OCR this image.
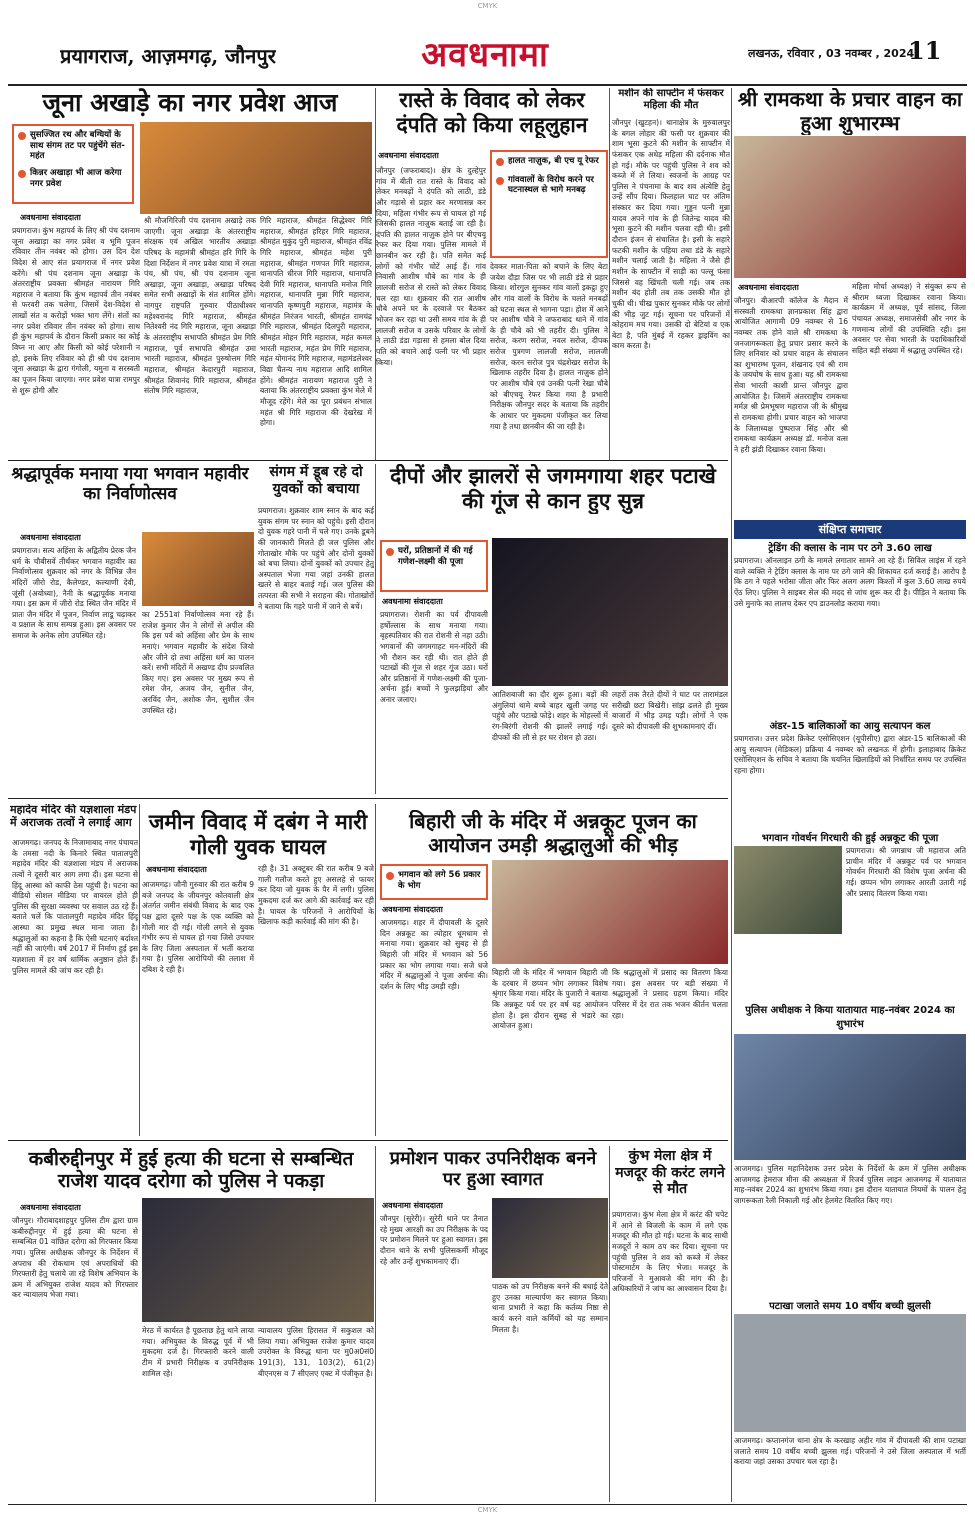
CMYK
प्रयागराज, आज़मगढ़, जौनपुर	अवधनामा	लखनऊ, रविवार , 03 नवम्बर , 2024
11
जूना अखाड़े का नगर प्रवेश आज
सुसज्जित रथ और बग्घियों के साथ संगम तट पर पहुंचेंगे संत-महंत
किन्नर अखाड़ा भी आज करेगा नगर प्रवेश
अवधनामा संवाददाता
प्रयागराज। कुंभ महापर्व के लिए श्री पंच दशनाम जूना अखाड़ा का नगर प्रवेश व भूमि पूजन रविवार तीन नवंबर को होगा। उस दिन देश विदेश से आए संत प्रयागराज में नगर प्रवेश करेंगे। श्री पंच दशनाम जूना अखाड़ा के अंतरराष्ट्रीय प्रवक्ता श्रीमहंत नारायण गिरि महाराज ने बताया कि कुंभ महापर्व तीन नवंबर से फरवरी तक चलेगा, जिसमें देश-विदेश से लाखों संत व करोड़ों भक्त भाग लेंगे। संतों का नगर प्रवेश रविवार तीन नवंबर को होगा। साथ ही कुंभ महापर्व के दौरान किसी प्रकार का कोई विघ्न ना आए और किसी को कोई परेशानी न हो, इसके लिए रविवार को ही श्री पंच दशनाम जूना अखाड़ा के द्वारा गंगोली, यमुना व सरस्वती का पूजन किया जाएगा। नगर प्रवेश यात्रा रामपुर से शुरू होगी और
श्री मौजगिरिजी पंच दशनाम अखाड़े तक जाएगी। जूना अखाड़ा के अंतरराष्ट्रीय संरक्षक एवं अखिल भारतीय अखाड़ा परिषद के महामंत्री श्रीमहंत हरि गिरि के दिशा निर्देशन में नगर प्रवेश यात्रा में रमता पंच, श्री पंच, श्री पंच दशनाम जूना अखाड़ा, जूना अखाड़ा, अखाड़ा परिषद समेत सभी अखाड़ों के संत शामिल होंगे। नागपुर राष्ट्रपति गुरुवार पीठाधीश्वर महेश्वरानंद गिरि महाराज, श्रीमहंत नितेश्वरी नंद गिरि महाराज, जूना अखाड़ा के अंतरराष्ट्रीय सभापति श्रीमहंत प्रेम गिरि महाराज, पूर्व सभापति श्रीमहंत उमा भारती महाराज, श्रीमहंत पुरुषोत्तम गिरि महाराज, श्रीमहंत केदारपुरी महाराज, श्रीमहंत शिवानंद गिरि महाराज, श्रीमहंत संतोष गिरि महाराज,
गिरि महाराज, श्रीमहंत सिद्धेश्वर गिरि महाराज, श्रीमहंत हरिहर गिरि महाराज, श्रीमहंत मुकुंद पुरी महाराज, श्रीमहंत रविंद्र गिरि महाराज, श्रीमहंत महेश पुरी महाराज, श्रीमहंत गणपत गिरि महाराज, थानापति धीरज गिरि महाराज, थानापति देवी गिरि महाराज, थानापति मनोज गिरि महाराज, थानापति मुन्ना गिरि महाराज, थानापति कृष्णपुरी महाराज, महामंत्र के श्रीमहंत निरंजन भारती, श्रीमहंत रामचंद्र गिरि महाराज, श्रीमहंत दिलपुरी महाराज, श्रीमहंत मोहन गिरि महाराज, महंत कमल भारती महाराज, महंत प्रेम गिरि महाराज, महंत योगानंद गिरि महाराज, महामंडलेश्वर विद्या चैतन्य नाथ महाराज आदि शामिल होंगे। श्रीमहंत नारायण महाराज पुरी ने बताया कि अंतरराष्ट्रीय प्रवक्ता कुंभ मेले में मौजूद रहेंगे। मेले का पूरा प्रबंधन संभाल महंत श्री गिरि महाराज की देखरेख में होगा।
रास्ते के विवाद को लेकर दंपति को किया लहूलुहान
अवधनामा संवाददाता
हालत नाज़ुक, बी एच यू रेफर
गांववालों के विरोध करने पर घटनास्थल से भागे मनबढ़
जौनपुर (जफराबाद)। क्षेत्र के दुल्हेपुर गांव में बीती रात रास्ते के विवाद को लेकर मनबढ़ों ने दंपति को लाठी, डंडे और गड़ासे से प्रहार कर मरणासन्न कर दिया, महिला गंभीर रूप से घायल हो गई जिसकी हालत नाज़ुक बताई जा रही है। दंपति की हालत नाज़ुक होने पर बीएचयू रेफर कर दिया गया। पुलिस मामले में छानबीन कर रही है। पति समेत कई लोगों को गंभीर चोटें आई हैं। गांव निवासी आशीष चौबे का गांव के ही लालजी सरोज से रास्ते को लेकर विवाद चल रहा था। शुक्रवार की रात आशीष चौबे अपने घर के दरवाजे पर बैठकर भोजन कर रहा था उसी समय गांव के ही लालजी सरोज व उसके परिवार के लोगों ने लाठी डंडा गड़ासा से हमला बोल दिया पति को बचाने आई पत्नी पर भी प्रहार किया।
देवकर माता-पिता को बचाने के लिए बेटा जयेश दौड़ा जिस पर भी लाठी डंडे से प्रहार किया। शोरगुल सुनकर गांव वालों इकट्ठा हुए और गांव वालों के विरोध के चलते मनबढ़ों को घटना स्थल से भागना पड़ा। होश में आने पर आशीष चौबे ने जफराबाद थाने में गांव के ही चौबे को भी तहरीर दी। पुलिस ने सरोज, करण सरोज, नवल सरोज, दीपक सरोज पुत्रगण लालजी सरोज, लालजी सरोज, करन सरोज पुत्र चंद्रशेखर सरोज के खिलाफ तहरीर दिया है। हालत नाज़ुक होने पर आशीष चौबे एवं उनकी पत्नी रेखा चौबे को बीएचयू रेफर किया गया है प्रभारी निरीक्षक जौनपुर सदर के बताया कि तहरीर के आधार पर मुकदमा पंजीकृत कर लिया गया है तथा छानबीन की जा रही है।
मशीन की साफ्टीन में फंसकर महिला की मौत
जौनपुर (खुटहन)। थानाक्षेत्र के मुरुवालपुर के बगल लोहार की फसी पर शुक्रवार की शाम भूसा कुटने की मशीन के साफ्टीन में फंसकर एक अधेड़ महिला की दर्दनाक मौत हो गई। मौके पर पहुंची पुलिस ने शव को कब्जे में ले लिया। स्वजनों के आग्रह पर पुलिस ने पंचनामा के बाद शव अंत्येष्टि हेतु उन्हें सौंप दिया। फिलहाल घाट पर अंतिम संस्कार कर दिया गया। गुड्डन पत्नी मुन्ना यादव अपने गांव के ही जितेन्द्र यादव की भूसा कुटने की मशीन चलवा रही थी। इसी दौरान इंजन से संचालित है। इसी के सहारे फटकी मशीन के पहिया तथा डंडे के सहारे मशीन चलाई जाती है। महिला ने जैसे ही मशीन के साफ्टीन में साड़ी का पल्लू फंसा जिससे वह खिंचती चली गई। जब तक मशीन बंद होती तब तक उसकी मौत हो चुकी थी। चीख पुकार सुनकर मौके पर लोगों की भीड़ जुट गई। सूचना पर परिजनों में कोहराम मच गया। उसकी दो बेटियां व एक बेटा है, पति मुंबई में रहकर ड्राइविंग का काम करता है।
श्री रामकथा के प्रचार वाहन का हुआ शुभारम्भ
अवधनामा संवाददाता
जौनपुर। बीआरपी कॉलेज के मैदान में सरस्वती रामकथा ज्ञानप्रकाश सिंह द्वारा आयोजित आगामी 09 नवम्बर से 16 नवम्बर तक होने वाले श्री रामकथा के जनजागरूकता हेतु प्रचार प्रसार करने के लिए शनिवार को प्रचार वाहन के संचालन का शुभारम्भ पूजन, शंखनाद एवं श्री राम के जयघोष के साथ हुआ। यह श्री रामकथा सेवा भारती काशी प्रान्त जौनपुर द्वारा आयोजित है। जिसमें अंतरराष्ट्रीय रामकथा मर्मज्ञ श्री प्रेमभूषण महाराज जी के श्रीमुख से रामकथा होगी। प्रचार वाहन को भाजपा के जिलाध्यक्ष पुष्पराज सिंह और श्री रामकथा कार्यक्रम अध्यक्ष डॉ. मनोज वत्स ने हरी झंडी दिखाकर रवाना किया।
महिला मोर्चा अध्यक्ष) ने संयुक्त रूप से श्रीराम ध्वजा दिखाकर रवाना किया। कार्यक्रम में अध्यक्ष, पूर्व सांसद, जिला पंचायत अध्यक्ष, समाजसेवी और नगर के गणमान्य लोगों की उपस्थिति रही। इस अवसर पर सेवा भारती के पदाधिकारियों सहित बड़ी संख्या में श्रद्धालु उपस्थित रहे।
श्रद्धापूर्वक मनाया गया भगवान महावीर का निर्वाणोत्सव
अवधनामा संवाददाता
प्रयागराज। सत्य अहिंसा के अद्वितीय प्रेरक जैन धर्म के चौबीसवें तीर्थंकर भगवान महावीर का निर्वाणोत्सव शुक्रवार को नगर के विभिन्न जैन मंदिरों जीरो रोड, कैलेण्डर, कल्याणी देवी, जूंसी (अयोध्या), नैनी के श्रद्धापूर्वक मनाया गया। इस क्रम में जीरो रोड स्थित जैन मंदिर में प्रातः जैन मंदिर में पूजन, निर्वाण लाडू चढ़ाकर व प्रक्षाल के साथ सम्पन्न हुआ। इस अवसर पर समाज के अनेक लोग उपस्थित रहे।
का 2551वां निर्वाणोत्सव मना रहे हैं। राजेश कुमार जैन ने लोगों से अपील की कि इस पर्व को अहिंसा और प्रेम के साथ मनाएं। भगवान महावीर के संदेश जियो और जीने दो तथा अहिंसा धर्म का पालन करें। सभी मंदिरों में अखण्ड दीप प्रज्वलित किए गए। इस अवसर पर मुख्य रूप से रमेश जैन, अजय जैन, सुनील जैन, अरविंद जैन, अशोक जैन, सुशील जैन उपस्थित रहे।
संगम में डूब रहे दो युवकों को बचाया
प्रयागराज। शुक्रवार शाम स्नान के बाद कई युवक संगम पर स्नान को पहुंचे। इसी दौरान दो युवक गहरे पानी में चले गए। उनके डूबने की जानकारी मिलते ही जल पुलिस और गोताखोर मौके पर पहुंचे और दोनों युवकों को बचा लिया। दोनों युवकों को उपचार हेतु अस्पताल भेजा गया जहां उनकी हालत खतरे से बाहर बताई गई। जल पुलिस की तत्परता की सभी ने सराहना की। गोताखोरों ने बताया कि गहरे पानी में जाने से बचें।
दीपों और झालरों से जगमगाया शहर पटाखे की गूंज से कान हुए सुन्न
घरों, प्रतिष्ठानों में की गई गणेश-लक्ष्मी की पूजा
अवधनामा संवाददाता
प्रयागराज। रोशनी का पर्व दीपावली हर्षोल्लास के साथ मनाया गया। बृहस्पतिवार की रात रोशनी से नहा उठी। भगवानों की जगमगाहट मन-मंदिरों की भी रौशन कर रही थी। रात होते ही पटाखों की गूंज से शहर गूंज उठा। घरों और प्रतिष्ठानों में गणेश-लक्ष्मी की पूजा-अर्चना हुई। बच्चों ने फुलझड़ियां और अनार जलाए।
आतिशबाजी का दौर शुरू हुआ। बड़ों की अंगुलियां थामे बच्चे बाहर खुली जगह पर पहुंचे और पटाखे फोड़े। शहर के मोहल्लों में रंग-बिरंगी रोशनी की झालरें लगाई गईं। दीपकों की लौ से हर घर रोशन हो उठा।
लहरों तक तैरते दीयों ने घाट पर तारामंडल सरीखी छटा बिखेरी। सांझ ढलते ही मुख्य बाजारों में भीड़ उमड़ पड़ी। लोगों ने एक दूसरे को दीपावली की शुभकामनाएं दीं।
संक्षिप्त समाचार
ट्रेडिंग की क्लास के नाम पर ठगे 3.60 लाख
प्रयागराज। ऑनलाइन ठगी के मामले लगातार सामने आ रहे हैं। सिविल लाइंस में रहने वाले व्यक्ति ने ट्रेडिंग क्लास के नाम पर ठगे जाने की शिकायत दर्ज कराई है। आरोप है कि ठग ने पहले भरोसा जीता और फिर अलग अलग किश्तों में कुल 3.60 लाख रुपये ऐंठ लिए। पुलिस ने साइबर सेल की मदद से जांच शुरू कर दी है। पीड़ित ने बताया कि उसे मुनाफे का लालच देकर एप डाउनलोड कराया गया।
अंडर-15 बालिकाओं का आयु सत्यापन कल
प्रयागराज। उत्तर प्रदेश क्रिकेट एसोसिएशन (यूपीसीए) द्वारा अंडर-15 बालिकाओं की आयु सत्यापन (मेडिकल) प्रक्रिया 4 नवम्बर को लखनऊ में होगी। इलाहाबाद क्रिकेट एसोसिएशन के सचिव ने बताया कि चयनित खिलाड़ियों को निर्धारित समय पर उपस्थित रहना होगा।
भगवान गोवर्धन गिरधारी की हुई अन्नकूट की पूजा
प्रयागराज। श्री जगन्नाथ जी महाराज अति प्राचीन मंदिर में अन्नकूट पर्व पर भगवान गोवर्धन गिरधारी की विशेष पूजा अर्चना की गई। छप्पन भोग लगाकर आरती उतारी गई और प्रसाद वितरण किया गया।
पुलिस अधीक्षक ने किया यातायात माह-नवंबर 2024 का शुभारंभ
आजमगढ़। पुलिस महानिदेशक उत्तर प्रदेश के निर्देशों के क्रम में पुलिस अधीक्षक आजमगढ़ हेमराज मीना की अध्यक्षता में रिजर्व पुलिस लाइन आजमगढ़ में यातायात माह-नवंबर 2024 का शुभारंभ किया गया। इस दौरान यातायात नियमों के पालन हेतु जागरूकता रैली निकाली गई और हेलमेट वितरित किए गए।
पटाखा जलाते समय 10 वर्षीय बच्ची झुलसी
आजमगढ़। कप्तानगंज थाना क्षेत्र के करखाह अहीर गांव में दीपावली की शाम पटाखा जलाते समय 10 वर्षीय बच्ची झुलस गई। परिजनों ने उसे जिला अस्पताल में भर्ती कराया जहां उसका उपचार चल रहा है।
महादेव मंदिर की यज्ञशाला मंडप में अराजक तत्वों ने लगाई आग
आजमगढ़। जनपद के निजामाबाद नगर पंचायत के तमसा नदी के किनारे स्थित पातालपुरी महादेव मंदिर की यज्ञशाला मंडप में अराजक तत्वों ने दूसरी बार आग लगा दी। इस घटना से हिंदू आस्था को काफी ठेस पहुंची है। घटना का वीडियो सोशल मीडिया पर वायरल होते ही पुलिस की सुरक्षा व्यवस्था पर सवाल उठ रहे हैं। बताते चलें कि पातालपुरी महादेव मंदिर हिंदू आस्था का प्रमुख स्थल माना जाता है। श्रद्धालुओं का कहना है कि ऐसी घटनाएं बर्दाश्त नहीं की जाएंगी। वर्ष 2017 में निर्माण हुई इस यज्ञशाला में हर वर्ष धार्मिक अनुष्ठान होते हैं। पुलिस मामले की जांच कर रही है।
जमीन विवाद में दबंग ने मारी गोली युवक घायल
अवधनामा संवाददाता
आजमगढ़। जौनी गुरुवार की रात करीब 9 बजे जनपद के जीयनपुर कोतवाली क्षेत्र अंतर्गत जमीन संबंधी विवाद के बाद एक पक्ष द्वारा दूसरे पक्ष के एक व्यक्ति को गोली मार दी गई। गोली लगने से युवक गंभीर रूप से घायल हो गया जिसे उपचार के लिए जिला अस्पताल में भर्ती कराया गया है। पुलिस आरोपियों की तलाश में दबिश दे रही है।
रही है। 31 अक्टूबर की रात करीब 9 बजे गाली गलौज करते हुए असलहे से फायर कर दिया जो युवक के पैर में लगी। पुलिस मुकदमा दर्ज कर आगे की कार्रवाई कर रही है। घायल के परिजनों ने आरोपियों के खिलाफ कड़ी कार्रवाई की मांग की है।
बिहारी जी के मंदिर में अन्नकूट पूजन का आयोजन उमड़ी श्रद्धालुओं की भीड़
भगवान को लगे 56 प्रकार के भोग
अवधनामा संवाददाता
आजमगढ़। शहर में दीपावली के दूसरे दिन अन्नकूट का त्योहार धूमधाम से मनाया गया। शुक्रवार को सुबह से ही बिहारी जी मंदिर में भगवान को 56 प्रकार का भोग लगाया गया। सजे धजे मंदिर में श्रद्धालुओं ने पूजा अर्चना की। दर्शन के लिए भीड़ उमड़ी रही।
बिहारी जी के मंदिर में भगवान बिहारी जी के दरबार में छप्पन भोग लगाकर विशेष श्रृंगार किया गया। मंदिर के पुजारी ने बताया कि अन्नकूट पर्व पर हर वर्ष यह आयोजन होता है। इस दौरान सुबह से भंडारे का आयोजन हुआ।
कि श्रद्धालुओं में प्रसाद का वितरण किया गया। इस अवसर पर बड़ी संख्या में श्रद्धालुओं ने प्रसाद ग्रहण किया। मंदिर परिसर में देर रात तक भजन कीर्तन चलता रहा।
कबीरुद्दीनपुर में हुई हत्या की घटना से सम्बन्धित राजेश यादव दरोगा को पुलिस ने पकड़ा
अवधनामा संवाददाता
जौनपुर। गौराबादशाहपुर पुलिस टीम द्वारा ग्राम कबीरुद्दीनपुर में हुई हत्या की घटना से सम्बन्धित 01 वांछित दरोगा को गिरफ्तार किया गया। पुलिस अधीक्षक जौनपुर के निर्देशन में अपराध की रोकथाम एवं अपराधियों की गिरफ्तारी हेतु चलाये जा रहे विशेष अभियान के क्रम में अभियुक्त राजेश यादव को गिरफ्तार कर न्यायालय भेजा गया।
मेरठ में कार्यरत है पूछताछ हेतु थाने लाया गया। अभियुक्त के विरुद्ध पूर्व में भी मुकदमा दर्ज है। गिरफ्तारी करने वाली टीम में प्रभारी निरीक्षक व उपनिरीक्षक शामिल रहे।
न्यायालय पुलिस हिरासत में सकुशल को लिया गया। अभियुक्त राजेश कुमार यादव उपरोक्त के विरुद्ध थाना पर मु0अ0सं0 191(3), 131, 103(2), 61(2) बीएनएस व 7 सीएलए एक्ट में पंजीकृत है।
प्रमोशन पाकर उपनिरीक्षक बनने पर हुआ स्वागत
अवधनामा संवाददाता
जौनपुर (सुरेरी)। सुरेरी थाने पर तैनात रहे मुख्य आरक्षी का उप निरीक्षक के पद पर प्रमोशन मिलने पर हुआ स्वागत। इस दौरान थाने के सभी पुलिसकर्मी मौजूद रहे और उन्हें शुभकामनाएं दीं।
पाठक को उप निरीक्षक बनने की बधाई देते हुए उनका माल्यार्पण कर स्वागत किया। थाना प्रभारी ने कहा कि कर्तव्य निष्ठा से कार्य करने वाले कर्मियों को यह सम्मान मिलता है।
कुंभ मेला क्षेत्र में मजदूर की करंट लगने से मौत
प्रयागराज। कुंभ मेला क्षेत्र में करंट की चपेट में आने से बिजली के काम में लगे एक मजदूर की मौत हो गई। घटना के बाद साथी मजदूरों ने काम ठप कर दिया। सूचना पर पहुंची पुलिस ने शव को कब्जे में लेकर पोस्टमार्टम के लिए भेजा। मजदूर के परिजनों ने मुआवजे की मांग की है। अधिकारियों ने जांच का आश्वासन दिया है।
CMYK
